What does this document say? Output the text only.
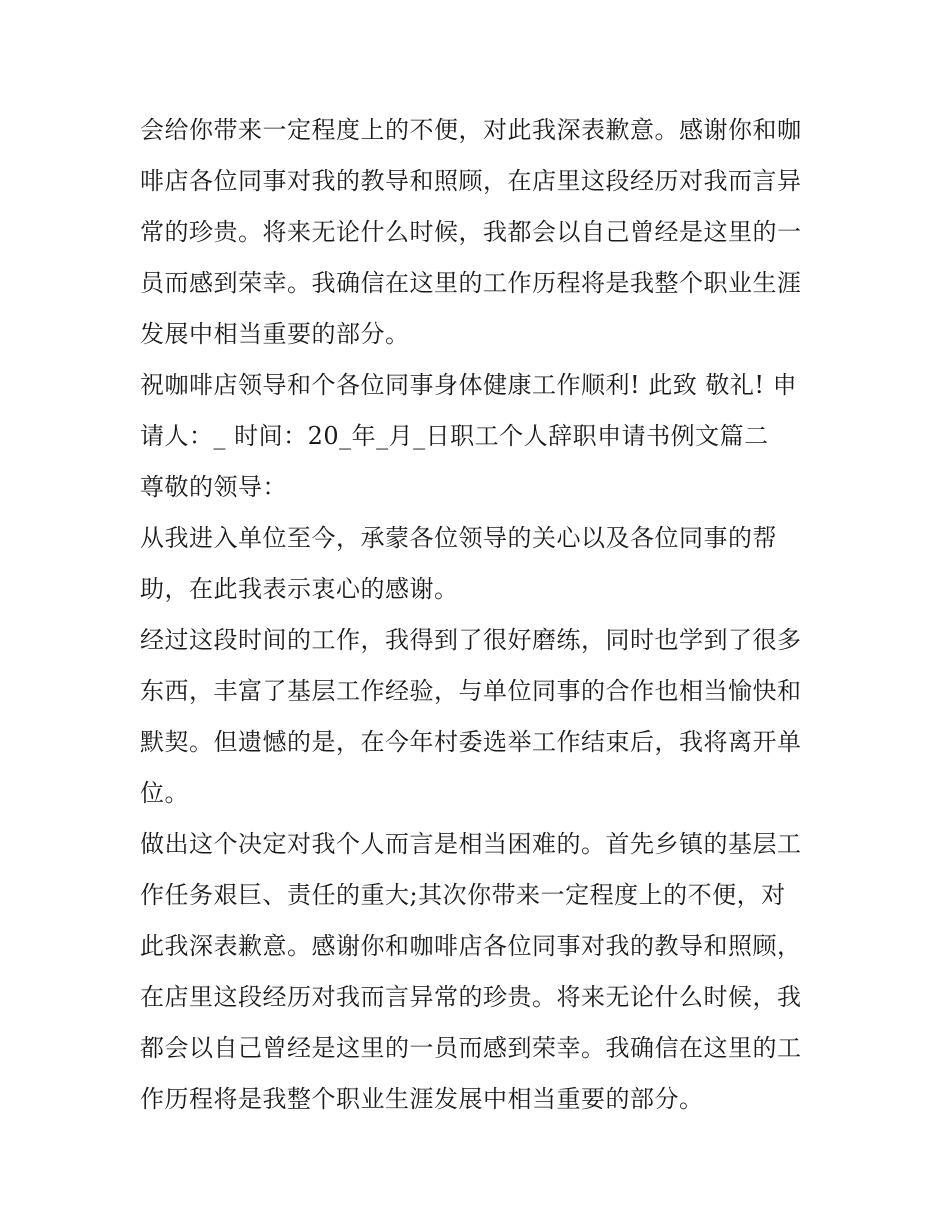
会给你带来一定程度上的不便，对此我深表歉意。感谢你和咖
啡店各位同事对我的教导和照顾，在店里这段经历对我而言异
常的珍贵。将来无论什么时候，我都会以自己曾经是这里的一
员而感到荣幸。我确信在这里的工作历程将是我整个职业生涯
发展中相当重要的部分。

祝咖啡店领导和个各位同事身体健康工作顺利! 此致 敬礼! 申
请人：_ 时间：20_年_月_日职工个人辞职申请书例文篇二
尊敬的领导：

从我进入单位至今，承蒙各位领导的关心以及各位同事的帮
助，在此我表示衷心的感谢。

经过这段时间的工作，我得到了很好磨练，同时也学到了很多
东西，丰富了基层工作经验，与单位同事的合作也相当愉快和
默契。但遗憾的是，在今年村委选举工作结束后，我将离开单
位。

做出这个决定对我个人而言是相当困难的。首先乡镇的基层工
作任务艰巨、责任的重大;其次你带来一定程度上的不便，对
此我深表歉意。感谢你和咖啡店各位同事对我的教导和照顾，
在店里这段经历对我而言异常的珍贵。将来无论什么时候，我
都会以自己曾经是这里的一员而感到荣幸。我确信在这里的工
作历程将是我整个职业生涯发展中相当重要的部分。
